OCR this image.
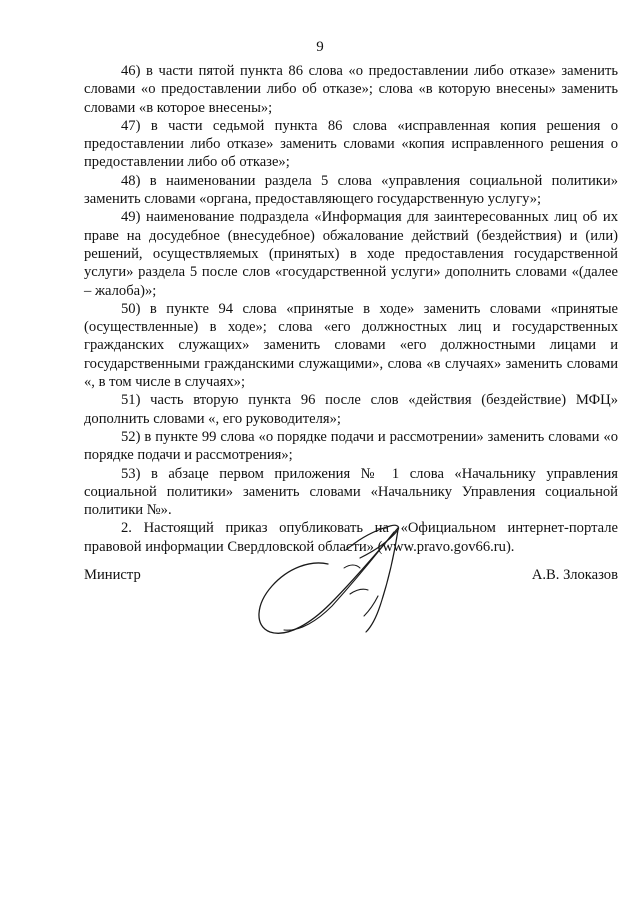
9

46) в части пятой пункта 86 слова «о предоставлении либо отказе» заменить словами «о предоставлении либо об отказе»; слова «в которую внесены» заменить словами «в которое внесены»;

47) в части седьмой пункта 86 слова «исправленная копия решения о предоставлении либо отказе» заменить словами «копия исправленного решения о предоставлении либо об отказе»;

48) в наименовании раздела 5 слова «управления социальной политики» заменить словами «органа, предоставляющего государственную услугу»;

49) наименование подраздела «Информация для заинтересованных лиц об их праве на досудебное (внесудебное) обжалование действий (бездействия) и (или) решений, осуществляемых (принятых) в ходе предоставления государственной услуги» раздела 5 после слов «государственной услуги» дополнить словами «(далее – жалоба)»;

50) в пункте 94 слова «принятые в ходе» заменить словами «принятые (осуществленные) в ходе»; слова «его должностных лиц и государственных гражданских служащих» заменить словами «его должностными лицами и государственными гражданскими служащими», слова «в случаях» заменить словами «, в том числе в случаях»;

51) часть вторую пункта 96 после слов «действия (бездействие) МФЦ» дополнить словами «, его руководителя»;

52) в пункте 99 слова «о порядке подачи и рассмотрении» заменить словами «о порядке подачи и рассмотрения»;

53) в абзаце первом приложения № 1 слова «Начальнику управления социальной политики» заменить словами «Начальнику Управления социальной политики №».

2. Настоящий приказ опубликовать на «Официальном интернет-портале правовой информации Свердловской области» (www.pravo.gov66.ru).

Министр	А.В. Злоказов
